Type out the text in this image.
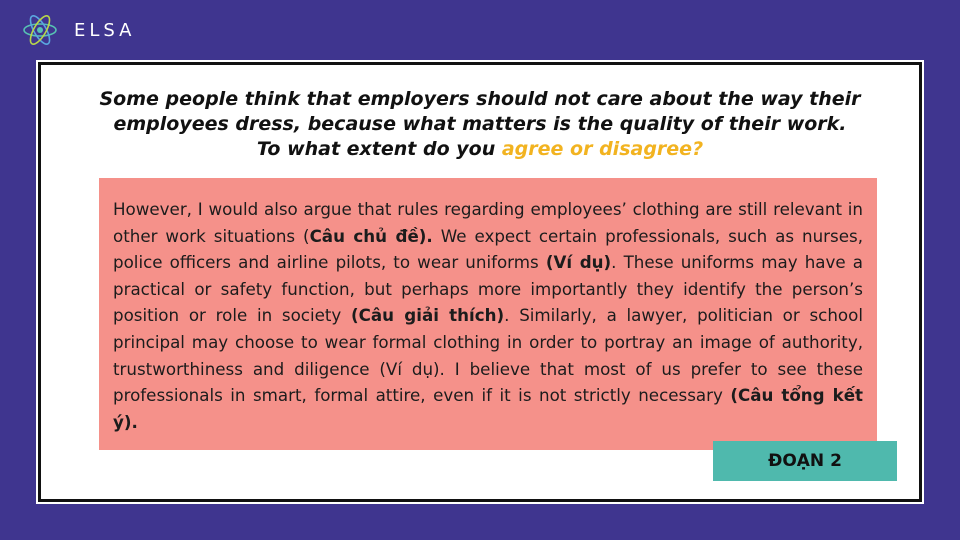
ELSA
Some people think that employers should not care about the way their
employees dress, because what matters is the quality of their work.
To what extent do you agree or disagree?

However, I would also argue that rules regarding employees’ clothing are still relevant in other work situations (Câu chủ đề). We expect certain professionals, such as nurses, police officers and airline pilots, to wear uniforms (Ví dụ). These uniforms may have a practical or safety function, but perhaps more importantly they identify the person’s position or role in society (Câu giải thích). Similarly, a lawyer, politician or school principal may choose to wear formal clothing in order to portray an image of authority, trustworthiness and diligence (Ví dụ). I believe that most of us prefer to see these professionals in smart, formal attire, even if it is not strictly necessary (Câu tổng kết ý).

ĐOẠN 2
